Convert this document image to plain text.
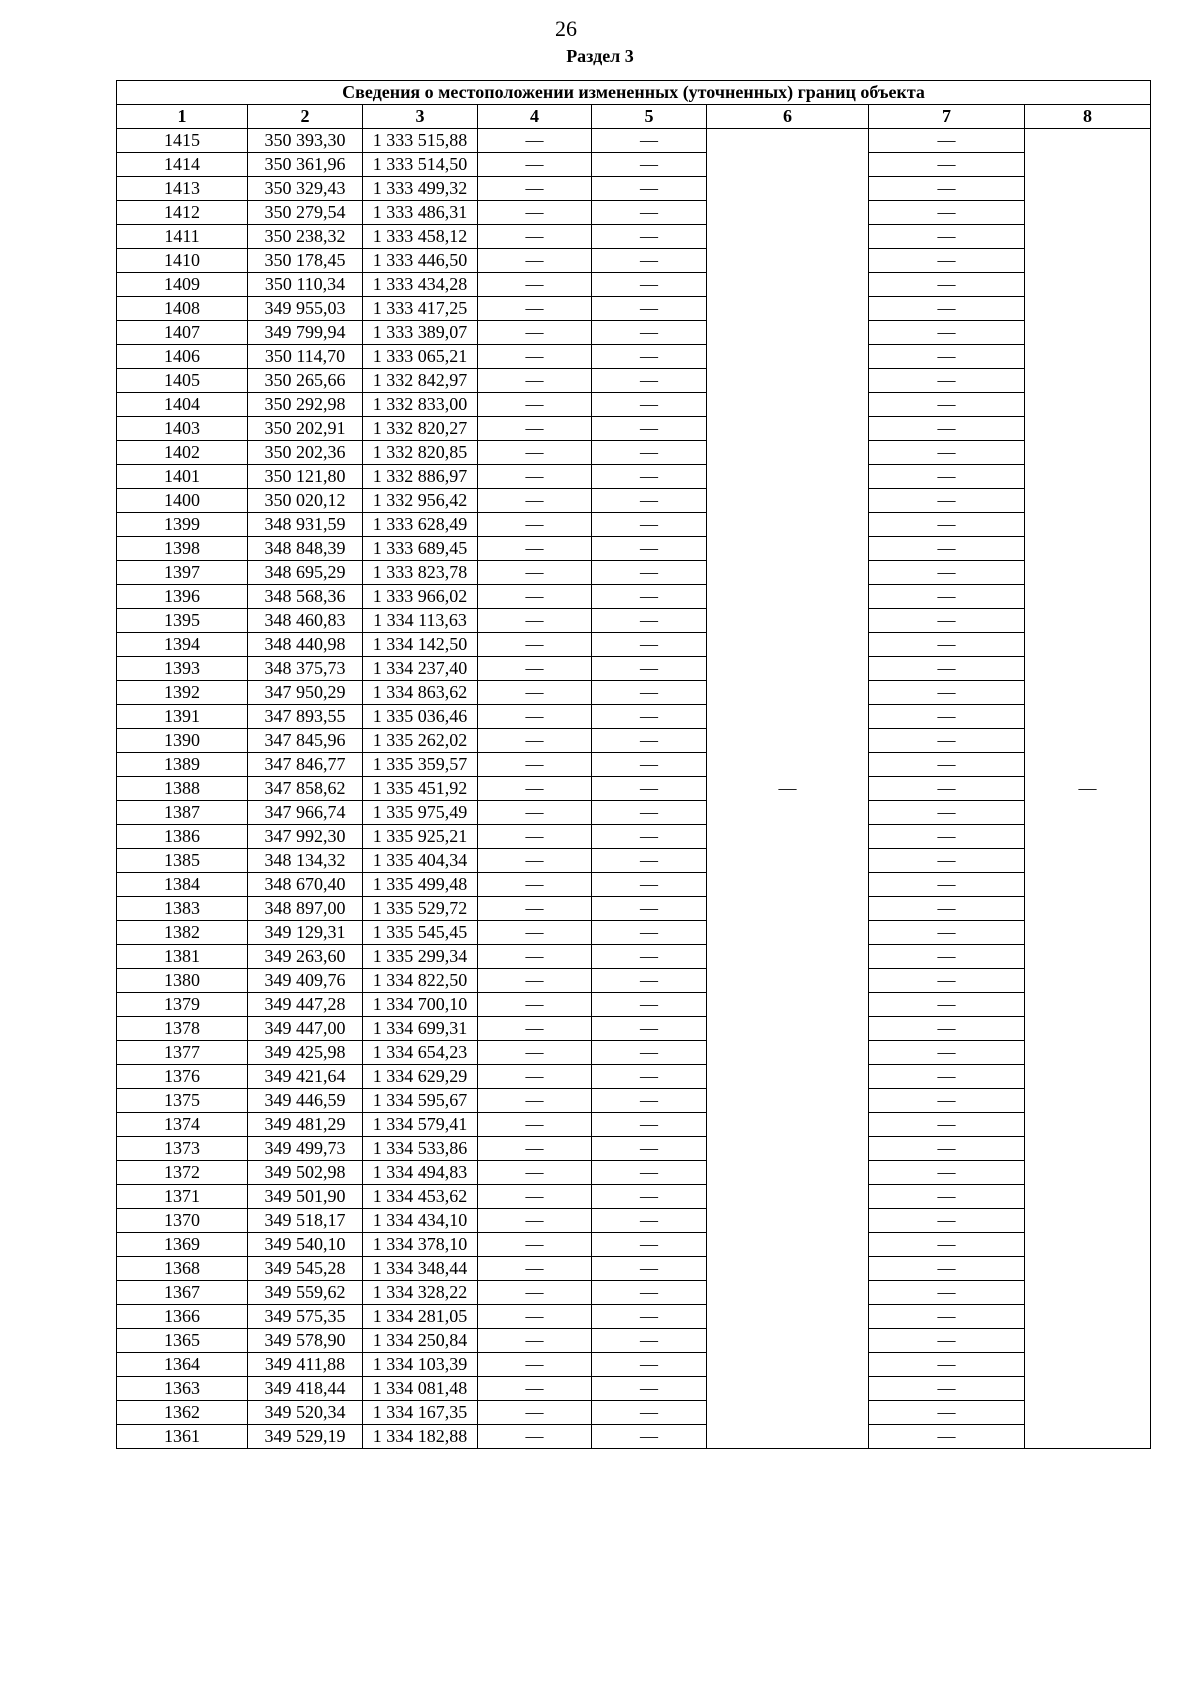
26
Раздел 3
Сведения о местоположении измененных (уточненных) границ объекта							
1	2	3	4	5	6	7	8
1415	350 393,30	1 333 515,88	—	—	—	—	—
1414	350 361,96	1 333 514,50	—	—		—	
1413	350 329,43	1 333 499,32	—	—		—	
1412	350 279,54	1 333 486,31	—	—		—	
1411	350 238,32	1 333 458,12	—	—		—	
1410	350 178,45	1 333 446,50	—	—		—	
1409	350 110,34	1 333 434,28	—	—		—	
1408	349 955,03	1 333 417,25	—	—		—	
1407	349 799,94	1 333 389,07	—	—		—	
1406	350 114,70	1 333 065,21	—	—		—	
1405	350 265,66	1 332 842,97	—	—		—	
1404	350 292,98	1 332 833,00	—	—		—	
1403	350 202,91	1 332 820,27	—	—		—	
1402	350 202,36	1 332 820,85	—	—		—	
1401	350 121,80	1 332 886,97	—	—		—	
1400	350 020,12	1 332 956,42	—	—		—	
1399	348 931,59	1 333 628,49	—	—		—	
1398	348 848,39	1 333 689,45	—	—		—	
1397	348 695,29	1 333 823,78	—	—		—	
1396	348 568,36	1 333 966,02	—	—		—	
1395	348 460,83	1 334 113,63	—	—		—	
1394	348 440,98	1 334 142,50	—	—		—	
1393	348 375,73	1 334 237,40	—	—		—	
1392	347 950,29	1 334 863,62	—	—		—	
1391	347 893,55	1 335 036,46	—	—		—	
1390	347 845,96	1 335 262,02	—	—		—	
1389	347 846,77	1 335 359,57	—	—		—	
1388	347 858,62	1 335 451,92	—	—		—	
1387	347 966,74	1 335 975,49	—	—		—	
1386	347 992,30	1 335 925,21	—	—		—	
1385	348 134,32	1 335 404,34	—	—		—	
1384	348 670,40	1 335 499,48	—	—		—	
1383	348 897,00	1 335 529,72	—	—		—	
1382	349 129,31	1 335 545,45	—	—		—	
1381	349 263,60	1 335 299,34	—	—		—	
1380	349 409,76	1 334 822,50	—	—		—	
1379	349 447,28	1 334 700,10	—	—		—	
1378	349 447,00	1 334 699,31	—	—		—	
1377	349 425,98	1 334 654,23	—	—		—	
1376	349 421,64	1 334 629,29	—	—		—	
1375	349 446,59	1 334 595,67	—	—		—	
1374	349 481,29	1 334 579,41	—	—		—	
1373	349 499,73	1 334 533,86	—	—		—	
1372	349 502,98	1 334 494,83	—	—		—	
1371	349 501,90	1 334 453,62	—	—		—	
1370	349 518,17	1 334 434,10	—	—		—	
1369	349 540,10	1 334 378,10	—	—		—	
1368	349 545,28	1 334 348,44	—	—		—	
1367	349 559,62	1 334 328,22	—	—		—	
1366	349 575,35	1 334 281,05	—	—		—	
1365	349 578,90	1 334 250,84	—	—		—	
1364	349 411,88	1 334 103,39	—	—		—	
1363	349 418,44	1 334 081,48	—	—		—	
1362	349 520,34	1 334 167,35	—	—		—	
1361	349 529,19	1 334 182,88	—	—		—	
